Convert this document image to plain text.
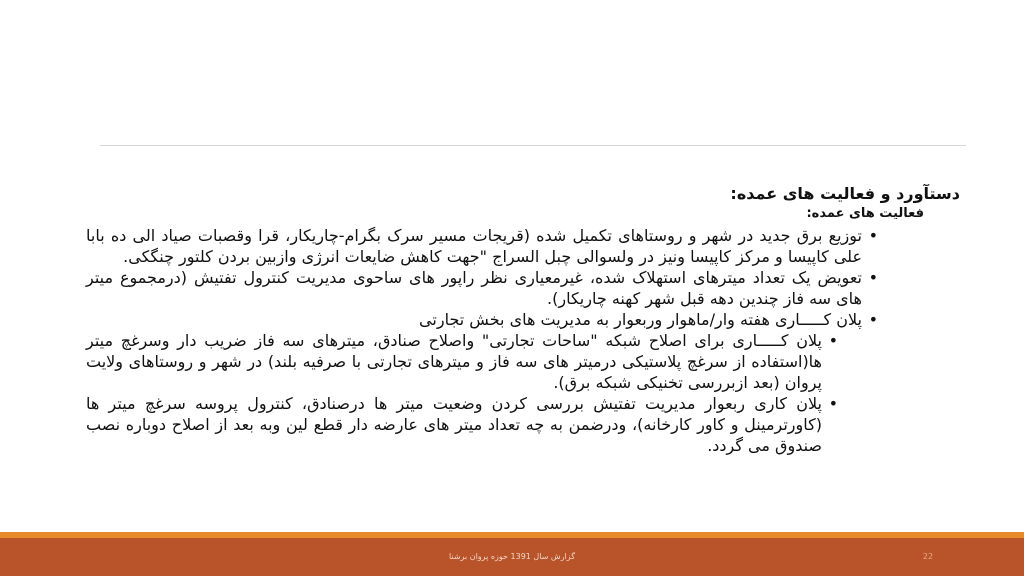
دستآورد و فعالیت های عمده:

فعالیت های عمده:

• توزیع برق جدید در شهر و روستاهای تکمیل شده (قریجات مسیر سرک بگرام-چاریکار، قرا وقصبات صیاد الی ده بابا علی کاپیسا و مرکز کاپیسا ونیز در ولسوالی چبل السراج "جهت کاهش ضایعات انرژی وازبین بردن کلتور چنگکی.
• تعویض یک تعداد میترهای استهلاک شده، غیرمعیاری نظر راپور های ساحوی مدیریت کنترول تفتیش (درمجموع میتر های سه فاز چندین دهه قبل شهر کهنه چاریکار).
• پلان کـــــاری هفته وار/ماهوار وربعوار به مدیریت های بخش تجارتی
• پلان کـــــاری برای اصلاح شبکه "ساحات تجارتی" واصلاح صنادق، میترهای سه فاز ضریب دار وسرغچ میتر ها(استفاده از سرغچ پلاستیکی درمیتر های سه فاز و میترهای تجارتی با صرفیه بلند) در شهر و روستاهای ولایت پروان (بعد ازبررسی تخنیکی شبکه برق).
• پلان کاری ربعوار مدیریت تفتیش بررسی کردن وضعیت میتر ها درصنادق، کنترول پروسه سرغچ میتر ها (کاورترمینل و کاور کارخانه)، ودرضمن به چه تعداد میتر های عارضه دار قطع لین وبه بعد از اصلاح دوباره نصب صندوق می گردد.
گزارش سال 1391 حوزه پروان برشنا	22
